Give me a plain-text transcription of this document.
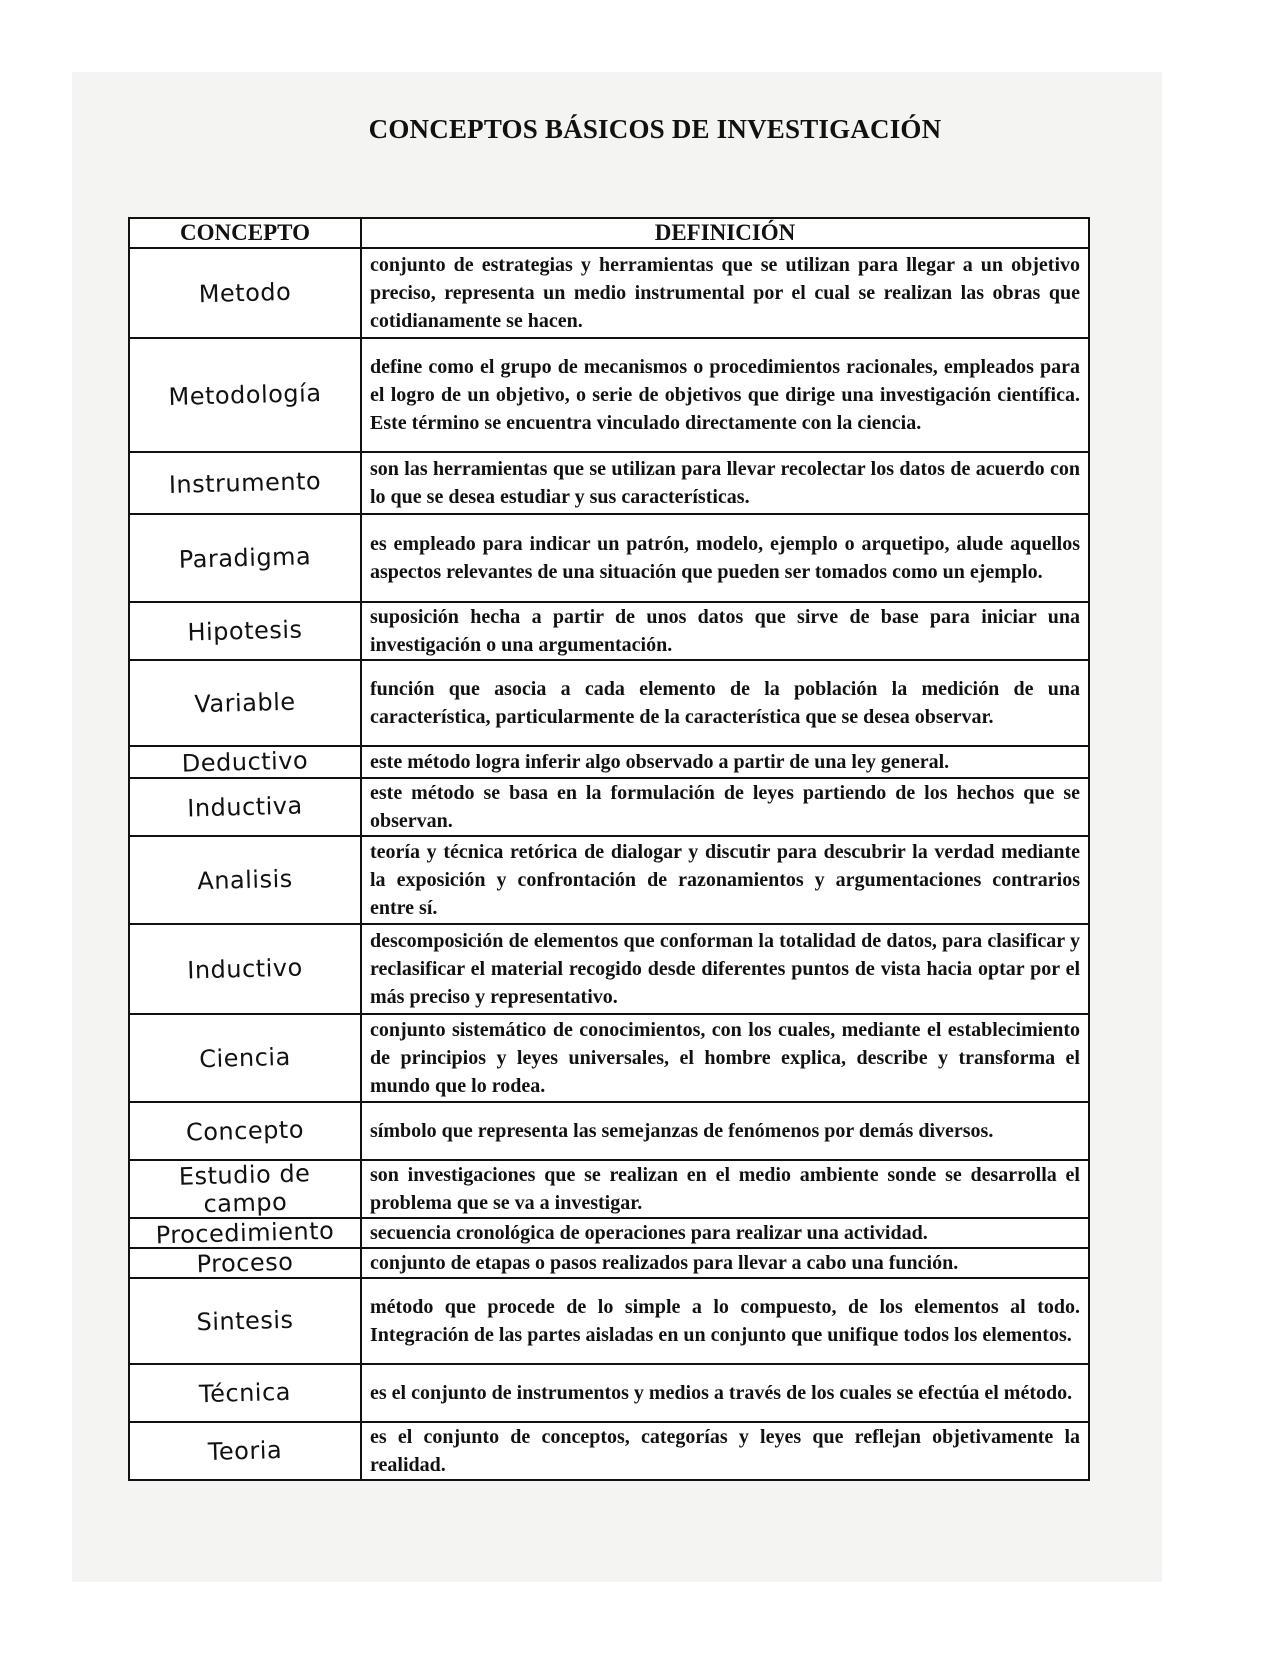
CONCEPTOS BÁSICOS DE INVESTIGACIÓN
CONCEPTO	DEFINICIÓN
Metodo	conjunto de estrategias y herramientas que se utilizan para llegar a un objetivo preciso, representa un medio instrumental por el cual se realizan las obras que cotidianamente se hacen.
Metodología	define como el grupo de mecanismos o procedimientos racionales, empleados para el logro de un objetivo, o serie de objetivos que dirige una investigación científica. Este término se encuentra vinculado directamente con la ciencia.
Instrumento	son las herramientas que se utilizan para llevar recolectar los datos de acuerdo con lo que se desea estudiar y sus características.
Paradigma	es empleado para indicar un patrón, modelo, ejemplo o arquetipo, alude aquellos aspectos relevantes de una situación que pueden ser tomados como un ejemplo.
Hipotesis	suposición hecha a partir de unos datos que sirve de base para iniciar una investigación o una argumentación.
Variable	función que asocia a cada elemento de la población la medición de una característica, particularmente de la característica que se desea observar.
Deductivo	este método logra inferir algo observado a partir de una ley general.
Inductiva	este método se basa en la formulación de leyes partiendo de los hechos que se observan.
Analisis	teoría y técnica retórica de dialogar y discutir para descubrir la verdad mediante la exposición y confrontación de razonamientos y argumentaciones contrarios entre sí.
Inductivo	descomposición de elementos que conforman la totalidad de datos, para clasificar y reclasificar el material recogido desde diferentes puntos de vista hacia optar por el más preciso y representativo.
Ciencia	conjunto sistemático de conocimientos, con los cuales, mediante el establecimiento de principios y leyes universales, el hombre explica, describe y transforma el mundo que lo rodea.
Concepto	símbolo que representa las semejanzas de fenómenos por demás diversos.
Estudio de campo	son investigaciones que se realizan en el medio ambiente sonde se desarrolla el problema que se va a investigar.
Procedimiento	secuencia cronológica de operaciones para realizar una actividad.
Proceso	conjunto de etapas o pasos realizados para llevar a cabo una función.
Sintesis	método que procede de lo simple a lo compuesto, de los elementos al todo. Integración de las partes aisladas en un conjunto que unifique todos los elementos.
Técnica	es el conjunto de instrumentos y medios a través de los cuales se efectúa el método.
Teoria	es el conjunto de conceptos, categorías y leyes que reflejan objetivamente la realidad.
